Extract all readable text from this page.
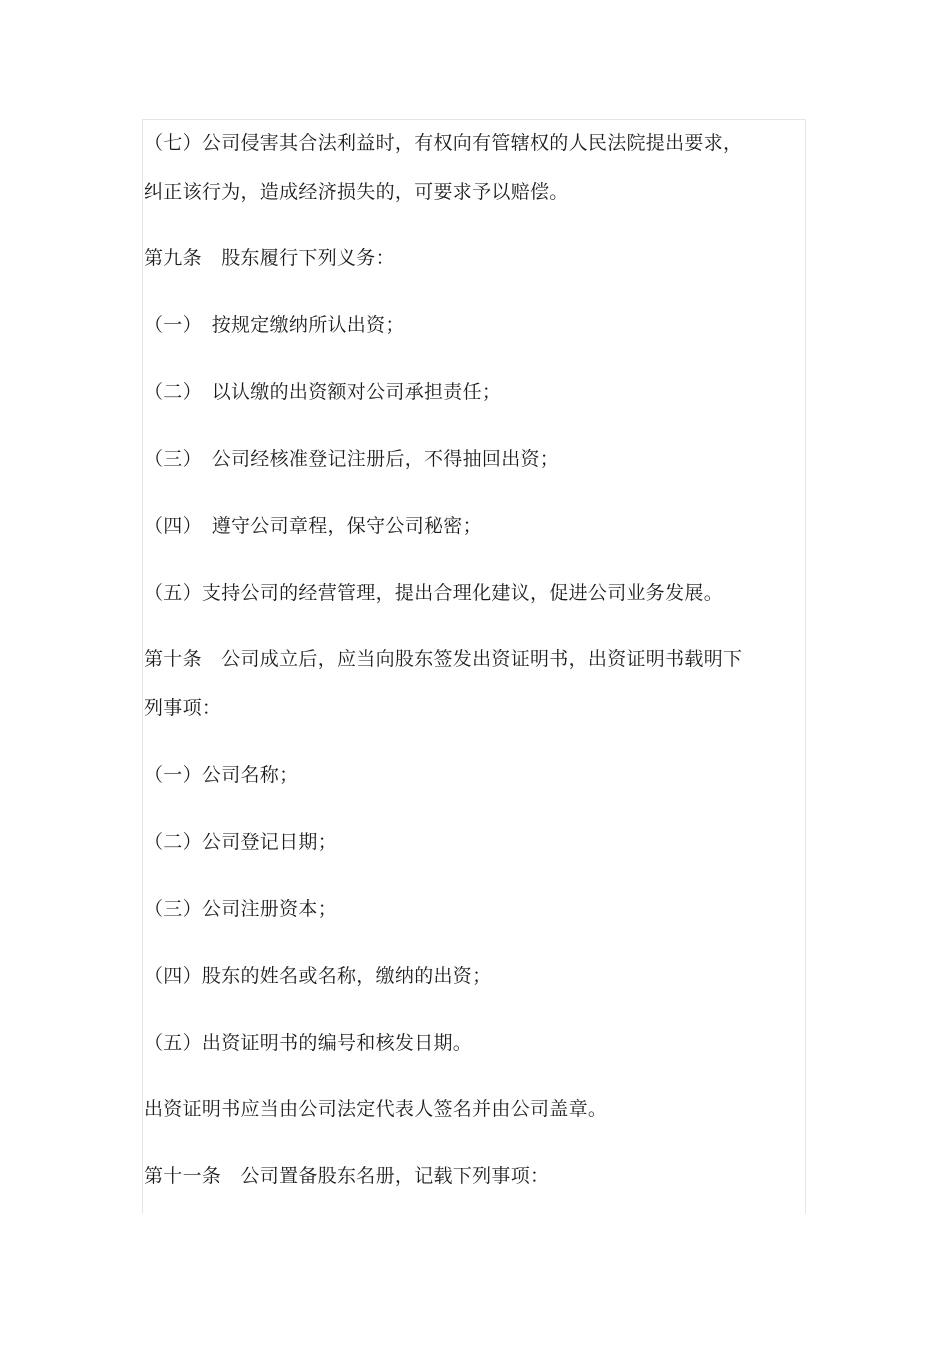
（七）公司侵害其合法利益时，有权向有管辖权的人民法院提出要求，
纠正该行为，造成经济损失的，可要求予以赔偿。
第九条　股东履行下列义务：
（一）　按规定缴纳所认出资；
（二）　以认缴的出资额对公司承担责任；
（三）　公司经核准登记注册后，不得抽回出资；
（四）　遵守公司章程，保守公司秘密；
（五）支持公司的经营管理，提出合理化建议，促进公司业务发展。
第十条　公司成立后，应当向股东签发出资证明书，出资证明书载明下
列事项：
（一）公司名称；
（二）公司登记日期；
（三）公司注册资本；
（四）股东的姓名或名称，缴纳的出资；
（五）出资证明书的编号和核发日期。
出资证明书应当由公司法定代表人签名并由公司盖章。
第十一条　公司置备股东名册，记载下列事项：
